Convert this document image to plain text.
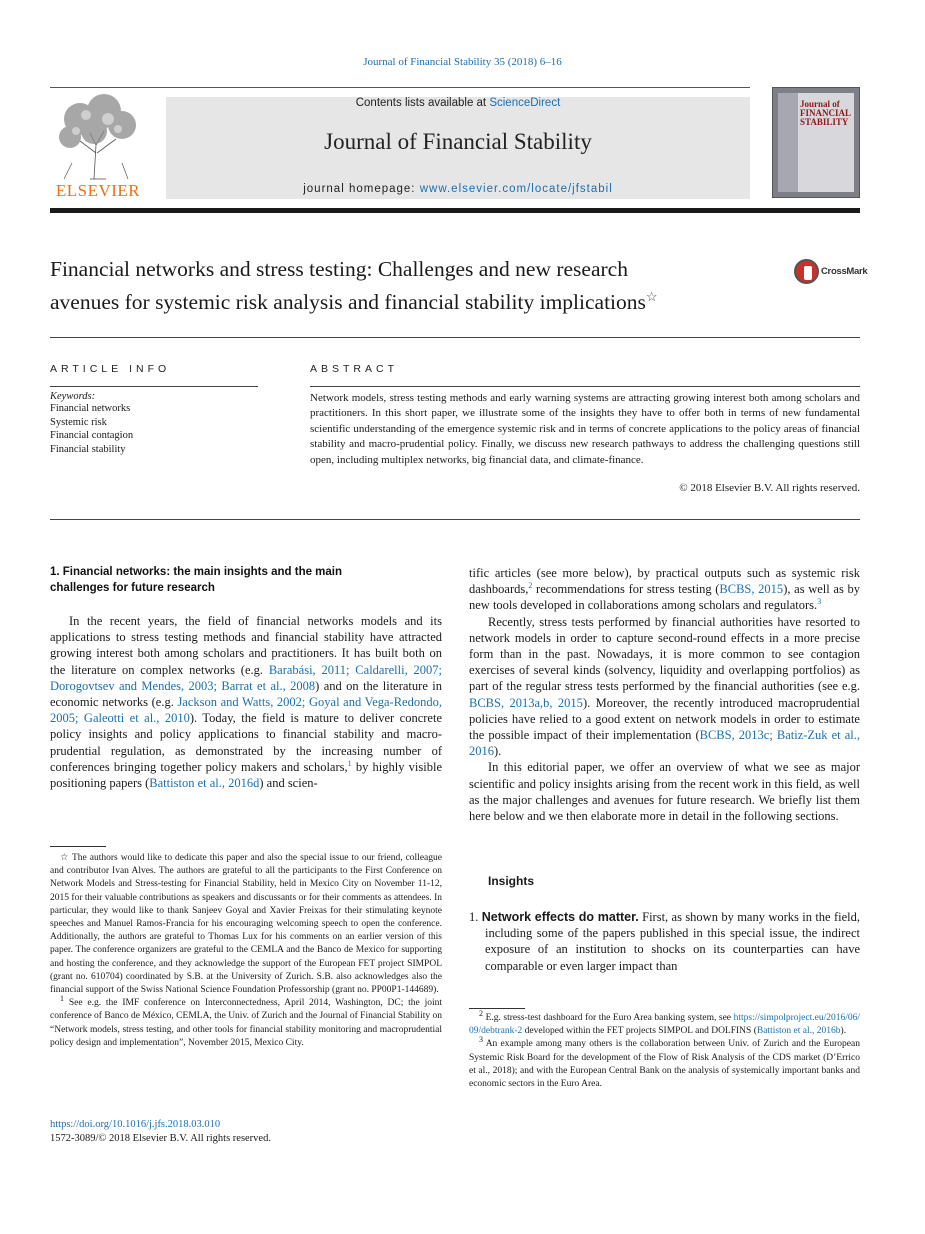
Journal of Financial Stability 35 (2018) 6–16
ELSEVIER
Contents lists available at ScienceDirect
Journal of Financial Stability
journal homepage: www.elsevier.com/locate/jfstabil
Journal of FINANCIAL STABILITY
Financial networks and stress testing: Challenges and new research
avenues for systemic risk analysis and financial stability implications☆
CrossMark
ARTICLE INFO
Keywords:
Financial networks
Systemic risk
Financial contagion
Financial stability
ABSTRACT
Network models, stress testing methods and early warning systems are attracting growing interest both among scholars and practitioners. In this short paper, we illustrate some of the insights they have to offer both in terms of new fundamental scientific understanding of the emergence systemic risk and in terms of concrete applications to the policy areas of financial stability and macro-prudential policy. Finally, we discuss new research pathways to address the challenging questions still open, including multiplex networks, big financial data, and climate-finance.
© 2018 Elsevier B.V. All rights reserved.
1. Financial networks: the main insights and the main
challenges for future research

In the recent years, the field of financial networks models and its applications to stress testing methods and financial stability have attracted growing interest both among scholars and practitioners. It has built both on the literature on complex networks (e.g. Barabási, 2011; Caldarelli, 2007; Dorogovtsev and Mendes, 2003; Barrat et al., 2008) and on the literature in economic networks (e.g. Jackson and Watts, 2002; Goyal and Vega-Redondo, 2005; Galeotti et al., 2010). Today, the field is mature to deliver concrete policy insights and policy applications to financial stability and macro-prudential regulation, as demonstrated by the increasing number of conferences bringing together policy makers and scholars,$^1$ by highly visible positioning papers (Battiston et al., 2016d) and scien-

☆ The authors would like to dedicate this paper and also the special issue to our friend, colleague and contributor Ivan Alves. The authors are grateful to all the participants to the First Conference on Network Models and Stress-testing for Financial Stability, held in Mexico City on November 11-12, 2015 for their valuable contributions as speakers and discussants or for their comments as attendees. In particular, they would like to thank Sanjeev Goyal and Xavier Freixas for their stimulating keynote speeches and Manuel Ramos-Francia for his encouraging welcoming speech to open the conference. Additionally, the authors are grateful to Thomas Lux for his comments on an earlier version of this paper. The conference organizers are grateful to the CEMLA and the Banco de Mexico for supporting and hosting the conference, and they acknowledge the support of the European FET project SIMPOL (grant no. 610704) coordinated by S.B. at the University of Zurich. S.B. also acknowledges also the financial support of the Swiss National Science Foundation Professorship (grant no. PP00P1-144689).

$^1$ See e.g. the IMF conference on Interconnectedness, April 2014, Washington, DC; the joint conference of Banco de México, CEMLA, the Univ. of Zurich and the Journal of Financial Stability on “Network models, stress testing, and other tools for financial stability monitoring and macroprudential policy design and implementation”, November 2015, Mexico City.

https://doi.org/10.1016/j.jfs.2018.03.010
1572-3089/© 2018 Elsevier B.V. All rights reserved.

tific articles (see more below), by practical outputs such as systemic risk dashboards,$^2$ recommendations for stress testing (BCBS, 2015), as well as by new tools developed in collaborations among scholars and regulators.$^3$

Recently, stress tests performed by financial authorities have resorted to network models in order to capture second-round effects in a more precise form than in the past. Nowadays, it is more common to see contagion exercises of several kinds (solvency, liquidity and overlapping portfolios) as part of the regular stress tests performed by the financial authorities (see e.g. BCBS, 2013a,b, 2015). Moreover, the recently introduced macroprudential policies have relied to a good extent on network models in order to estimate the possible impact of their implementation (BCBS, 2013c; Batiz-Zuk et al., 2016).

In this editorial paper, we offer an overview of what we see as major scientific and policy insights arising from the recent work in this field, as well as the major challenges and avenues for future research. We briefly list them here below and we then elaborate more in detail in the following sections.

Insights
1. Network effects do matter. First, as shown by many works in the field, including some of the papers published in this special issue, the indirect exposure of an institution to shocks on its counterparties can have comparable or even larger impact than

$^2$ E.g. stress-test dashboard for the Euro Area banking system, see https://simpolproject.eu/2016/06/09/debtrank-2 developed within the FET projects SIMPOL and DOLFINS (Battiston et al., 2016b).

$^3$ An example among many others is the collaboration between Univ. of Zurich and the European Systemic Risk Board for the development of the Flow of Risk Analysis of the CDS market (D’Errico et al., 2018); and with the European Central Bank on the analysis of systemically important banks and economic sectors in the Euro Area.
